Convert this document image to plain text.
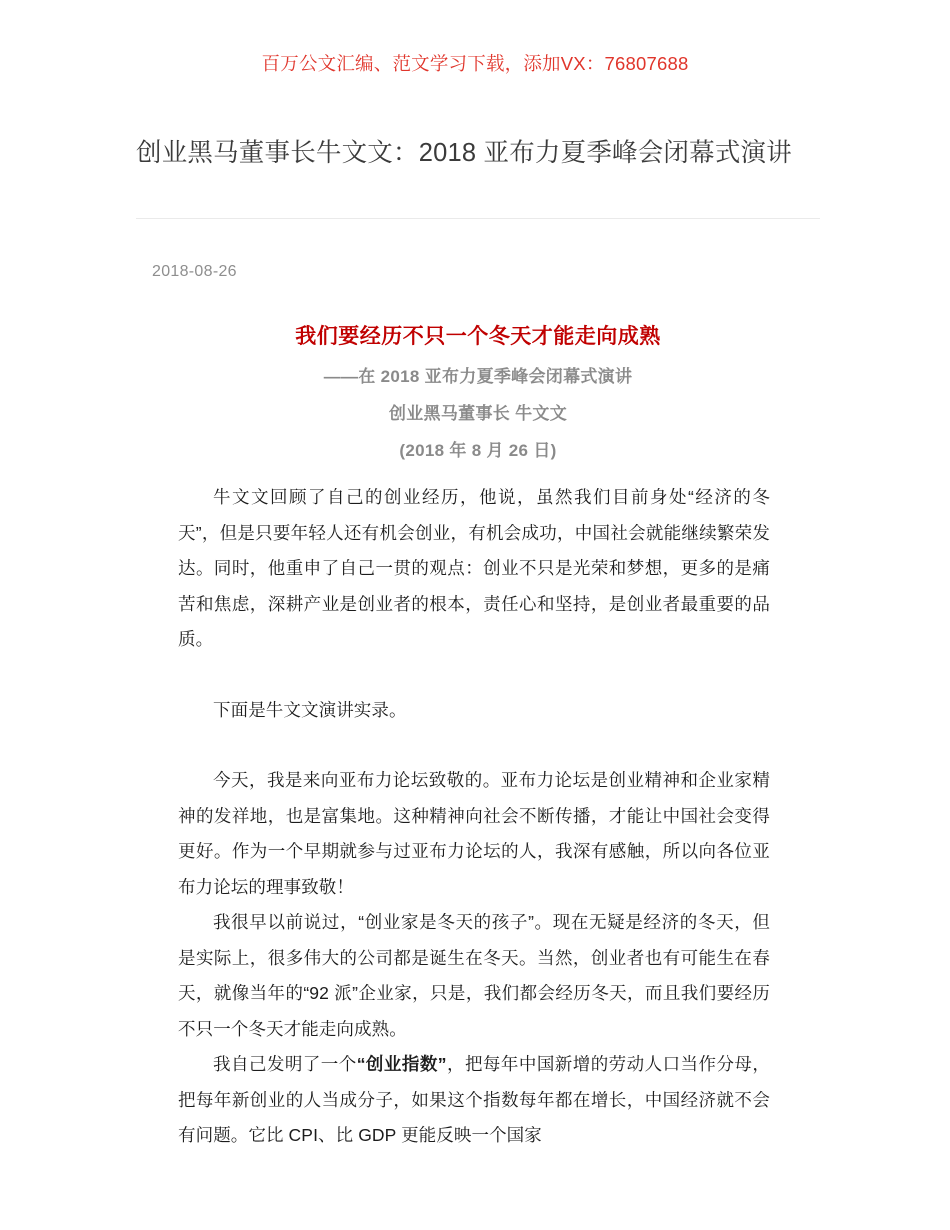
百万公文汇编、范文学习下载，添加VX：76807688
创业黑马董事长牛文文：2018 亚布力夏季峰会闭幕式演讲
2018-08-26
我们要经历不只一个冬天才能走向成熟
——在 2018 亚布力夏季峰会闭幕式演讲
创业黑马董事长 牛文文
(2018 年 8 月 26 日)

牛文文回顾了自己的创业经历，他说，虽然我们目前身处“经济的冬天”，但是只要年轻人还有机会创业，有机会成功，中国社会就能继续繁荣发达。同时，他重申了自己一贯的观点：创业不只是光荣和梦想，更多的是痛苦和焦虑，深耕产业是创业者的根本，责任心和坚持，是创业者最重要的品质。

下面是牛文文演讲实录。

今天，我是来向亚布力论坛致敬的。亚布力论坛是创业精神和企业家精神的发祥地，也是富集地。这种精神向社会不断传播，才能让中国社会变得更好。作为一个早期就参与过亚布力论坛的人，我深有感触，所以向各位亚布力论坛的理事致敬！

我很早以前说过，“创业家是冬天的孩子”。现在无疑是经济的冬天，但是实际上，很多伟大的公司都是诞生在冬天。当然，创业者也有可能生在春天，就像当年的“92 派”企业家，只是，我们都会经历冬天，而且我们要经历不只一个冬天才能走向成熟。

我自己发明了一个“创业指数”，把每年中国新增的劳动人口当作分母，把每年新创业的人当成分子，如果这个指数每年都在增长，中国经济就不会有问题。它比 CPI、比 GDP 更能反映一个国家
